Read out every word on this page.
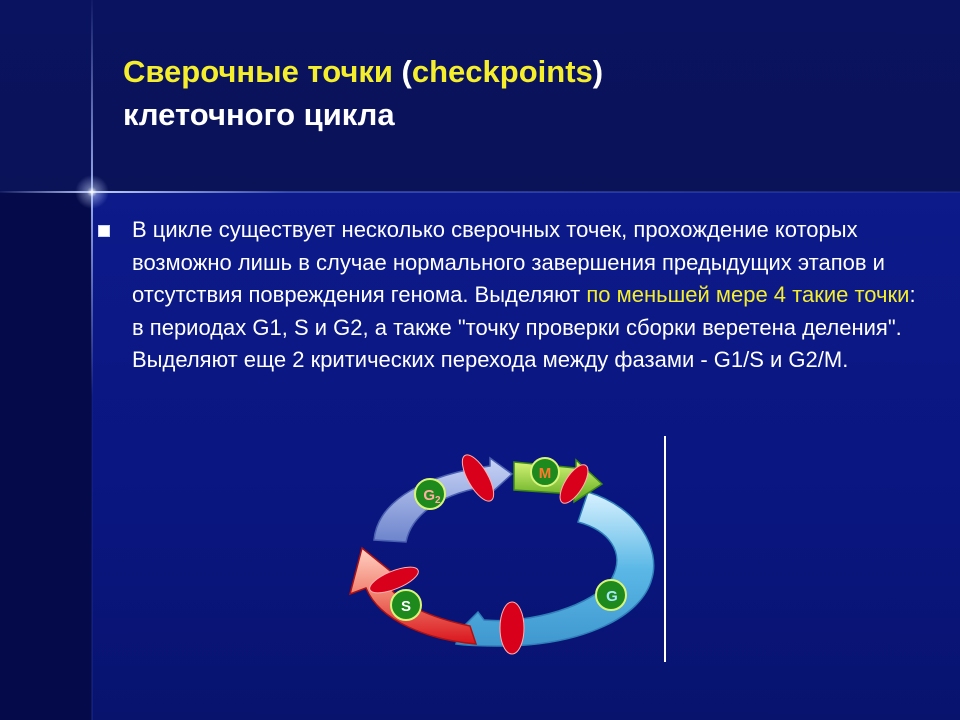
Сверочные точки (checkpoints)
клеточного цикла

В цикле существует несколько сверочных точек, прохождение которых возможно лишь в случае нормального завершения предыдущих этапов и отсутствия повреждения генома. Выделяют по меньшей мере 4 такие точки: в периодах G1, S и G2, а также "точку проверки сборки веретена деления". Выделяют еще 2 критических перехода между фазами - G1/S и G2/M.

M
$G_2$
S
G
